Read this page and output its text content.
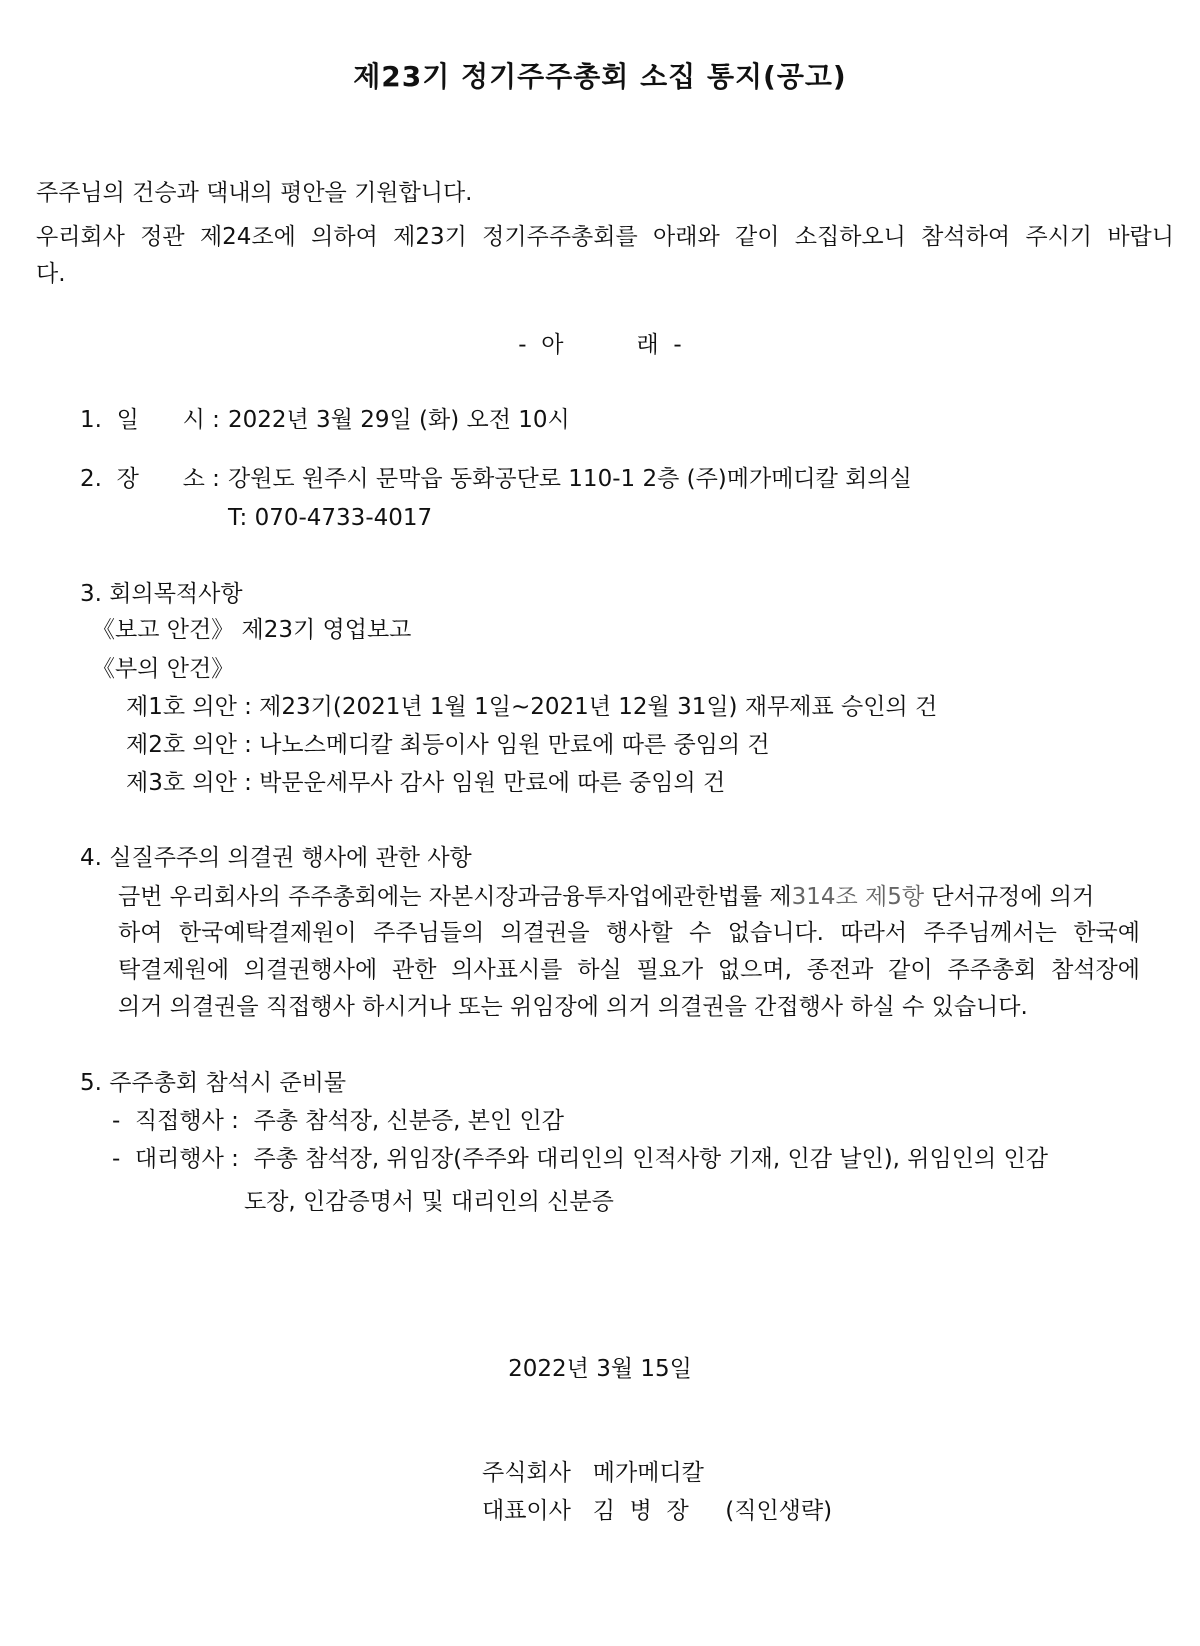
제23기 정기주주총회 소집 통지(공고)
주주님의 건승과 댁내의 평안을 기원합니다.
우리회사 정관 제24조에 의하여 제23기 정기주주총회를 아래와 같이 소집하오니 참석하여 주시기 바랍니
다.
-  아          래  -
1.  일      시 : 2022년 3월 29일 (화) 오전 10시
2.  장      소 : 강원도 원주시 문막읍 동화공단로 110-1 2층 (주)메가메디칼 회의실
T: 070-4733-4017
3. 회의목적사항
《보고 안건》 제23기 영업보고
《부의 안건》
제1호 의안 : 제23기(2021년 1월 1일~2021년 12월 31일) 재무제표 승인의 건
제2호 의안 : 나노스메디칼 최등이사 임원 만료에 따른 중임의 건
제3호 의안 : 박문운세무사 감사 임원 만료에 따른 중임의 건
4. 실질주주의 의결권 행사에 관한 사항
금번 우리회사의 주주총회에는 자본시장과금융투자업에관한법률 제314조 제5항 단서규정에 의거
하여 한국예탁결제원이 주주님들의 의결권을 행사할 수 없습니다. 따라서 주주님께서는 한국예
탁결제원에 의결권행사에 관한 의사표시를 하실 필요가 없으며, 종전과 같이 주주총회 참석장에
의거 의결권을 직접행사 하시거나 또는 위임장에 의거 의결권을 간접행사 하실 수 있습니다.
5. 주주총회 참석시 준비물
-  직접행사 :  주총 참석장, 신분증, 본인 인감
-  대리행사 :  주총 참석장, 위임장(주주와 대리인의 인적사항 기재, 인감 날인), 위임인의 인감
도장, 인감증명서 및 대리인의 신분증
2022년 3월 15일
주식회사   메가메디칼
대표이사   김  병  장     (직인생략)
